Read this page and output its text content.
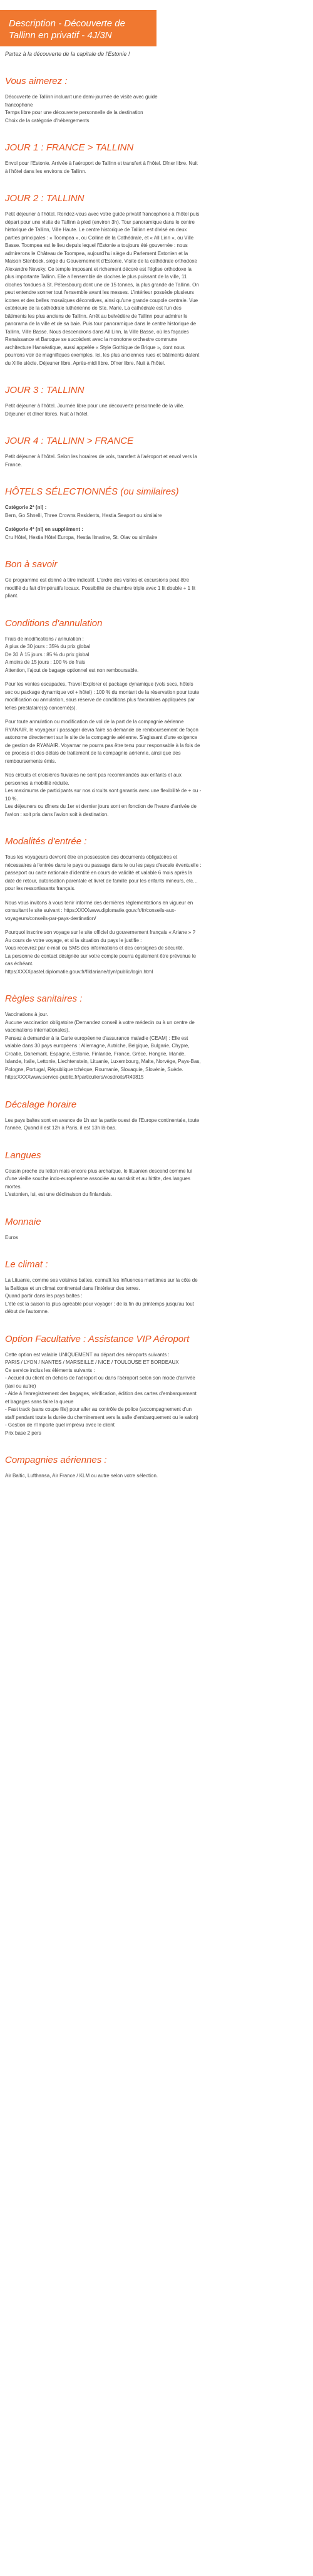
Description - Découverte de Tallinn en privatif - 4J/3N
Partez à la découverte de la capitale de l'Estonie !
Vous aimerez :

Découverte de Tallinn incluant une demi-journée de visite avec guide
francophone
Temps libre pour une découverte personnelle de la destination
Choix de la catégorie d'hébergements

JOUR 1 : FRANCE > TALLINN

Envol pour l'Estonie. Arrivée à l'aéroport de Tallinn et transfert à l'hôtel. Dîner libre. Nuit à l'hôtel dans les environs de Tallinn.

JOUR 2 : TALLINN

Petit déjeuner à l'hôtel. Rendez-vous avec votre guide privatif francophone à l'hôtel puis départ pour une visite de Tallinn à pied (environ 3h). Tour panoramique dans le centre historique de Tallinn, Ville Haute. Le centre historique de Tallinn est divisé en deux parties principales : « Toompea », ou Colline de la Cathédrale, et « All Linn », ou Ville Basse. Toompea est le lieu depuis lequel l'Estonie a toujours été gouvernée : nous admirerons le Château de Toompea, aujourd'hui siège du Parlement Estonien et la Maison Stenbock, siège du Gouvernement d'Estonie. Visite de la cathédrale orthodoxe Alexandre Nevsky. Ce temple imposant et richement décoré est l'église orthodoxe la plus importante Tallinn. Elle a l'ensemble de cloches le plus puissant de la ville, 11 cloches fondues à St. Pétersbourg dont une de 15 tonnes, la plus grande de Tallinn. On peut entendre sonner tout l'ensemble avant les messes. L'intérieur possède plusieurs icones et des belles mosaïques décoratives, ainsi qu'une grande coupole centrale. Vue extérieure de la cathédrale luthérienne de Ste. Marie. La cathédrale est l'un des bâtiments les plus anciens de Tallinn. Arrêt au belvédère de Tallinn pour admirer le panorama de la ville et de sa baie. Puis tour panoramique dans le centre historique de Tallinn, Ville Basse. Nous descendrons dans All Linn, la Ville Basse, où les façades Renaissance et Baroque se succèdent avec la monotone orchestre commune architecture Hanséatique, aussi appelée « Style Gothique de Brique », dont nous pourrons voir de magnifiques exemples. Ici, les plus anciennes rues et bâtiments datent du XIIIe siècle. Déjeuner libre. Après-midi libre. Dîner libre. Nuit à l'hôtel.

JOUR 3 : TALLINN

Petit déjeuner à l'hôtel. Journée libre pour une découverte personnelle de la ville. Déjeuner et dîner libres. Nuit à l'hôtel.

JOUR 4 : TALLINN > FRANCE

Petit déjeuner à l'hôtel. Selon les horaires de vols, transfert à l'aéroport et envol vers la France.

HÔTELS SÉLECTIONNÉS (ou similaires)

Catégorie 2* (nl) :
Bern, Go Shnelli, Three Crowns Residents, Hestia Seaport ou similaire

Catégorie 4* (nl) en supplément :
Cru Hôtel, Hestia Hôtel Europa, Hestia Ilmarine, St. Olav ou similaire

Bon à savoir

Ce programme est donné à titre indicatif. L'ordre des visites et excursions peut être modifié du fait d'impératifs locaux. Possibilité de chambre triple avec 1 lit double + 1 lit pliant.

Conditions d'annulation

Frais de modifications / annulation :
A plus de 30 jours : 35% du prix global
De 30 À 15 jours : 85 % du prix global
A moins de 15 jours : 100 % de frais
Attention, l'ajout de bagage optionnel est non remboursable.

Pour les ventes escapades, Travel Explorer et package dynamique (vols secs, hôtels sec ou package dynamique vol + hôtel) : 100 % du montant de la réservation pour toute modification ou annulation, sous réserve de conditions plus favorables appliquées par le/les prestataire(s) concerné(s).

Pour toute annulation ou modification de vol de la part de la compagnie aérienne RYANAIR, le voyageur / passager devra faire sa demande de remboursement de façon autonome directement sur le site de la compagnie aérienne. S'agissant d'une exigence de gestion de RYANAIR. Voyamar ne pourra pas être tenu pour responsable à la fois de ce process et des délais de traitement de la compagnie aérienne, ainsi que des remboursements émis.

Nos circuits et croisières fluviales ne sont pas recommandés aux enfants et aux personnes à mobilité réduite.
Les maximums de participants sur nos circuits sont garantis avec une flexibilité de + ou - 10 %.
Les déjeuners ou dîners du 1er et dernier jours sont en fonction de l'heure d'arrivée de l'avion : soit pris dans l'avion soit à destination.

Modalités d'entrée :

Tous les voyageurs devront être en possession des documents obligatoires et nécessaires à l'entrée dans le pays ou passage dans le ou les pays d'escale éventuelle : passeport ou carte nationale d'identité en cours de validité et valable 6 mois après la date de retour, autorisation parentale et livret de famille pour les enfants mineurs, etc…pour les ressortissants français.

Nous vous invitons à vous tenir informé des dernières réglementations en vigueur en consultant le site suivant : https:XXXXwww.diplomatie.gouv.fr/fr/conseils-aux-voyageurs/conseils-par-pays-destination/

Pourquoi inscrire son voyage sur le site officiel du gouvernement français « Ariane » ?
Au cours de votre voyage, et si la situation du pays le justifie :
Vous recevrez par e-mail ou SMS des informations et des consignes de sécurité.
La personne de contact désignée sur votre compte pourra également être prévenue le cas échéant.
https:XXXXpastel.diplomatie.gouv.fr/fildariane/dyn/public/login.html

Règles sanitaires :

Vaccinations à jour.
Aucune vaccination obligatoire (Demandez conseil à votre médecin ou à un centre de vaccinations internationales).
Pensez à demander à la Carte européenne d'assurance maladie (CEAM) : Elle est valable dans 30 pays européens : Allemagne, Autriche, Belgique, Bulgarie, Chypre, Croatie, Danemark, Espagne, Estonie, Finlande, France, Grèce, Hongrie, Irlande, Islande, Italie, Lettonie, Liechtenstein, Lituanie, Luxembourg, Malte, Norvège, Pays-Bas, Pologne, Portugal, République tchèque, Roumanie, Slovaquie, Slovénie, Suède.
https:XXXXwww.service-public.fr/particuliers/vosdroits/R49815

Décalage horaire

Les pays baltes sont en avance de 1h sur la partie ouest de l'Europe continentale, toute l'année. Quand il est 12h à Paris, il est 13h là-bas.

Langues

Cousin proche du letton mais encore plus archaïque, le lituanien descend comme lui d'une vieille souche indo-européenne associée au sanskrit et au hittite, des langues mortes.
L'estonien, lui, est une déclinaison du finlandais.

Monnaie

Euros

Le climat :

La Lituanie, comme ses voisines baltes, connaît les influences maritimes sur la côte de la Baltique et un climat continental dans l'intérieur des terres.
Quand partir dans les pays baltes :
L'été est la saison la plus agréable pour voyager : de la fin du printemps jusqu'au tout début de l'automne.

Option Facultative : Assistance VIP Aéroport

Cette option est valable UNIQUEMENT au départ des aéroports suivants :
PARIS / LYON / NANTES / MARSEILLE / NICE / TOULOUSE ET BORDEAUX
Ce service inclus les éléments suivants :
- Accueil du client en dehors de l'aéroport ou dans l'aéroport selon son mode d'arrivée (taxi ou autre)
- Aide à l'enregistrement des bagages, vérification, édition des cartes d'embarquement et bagages sans faire la queue
- Fast track (sans coupe file) pour aller au contrôle de police (accompagnement d'un staff pendant toute la durée du cheminement vers la salle d'embarquement ou le salon)
- Gestion de n'importe quel imprévu avec le client
Prix base 2 pers

Compagnies aériennes :

Air Baltic, Lufthansa, Air France / KLM ou autre selon votre sélection.
